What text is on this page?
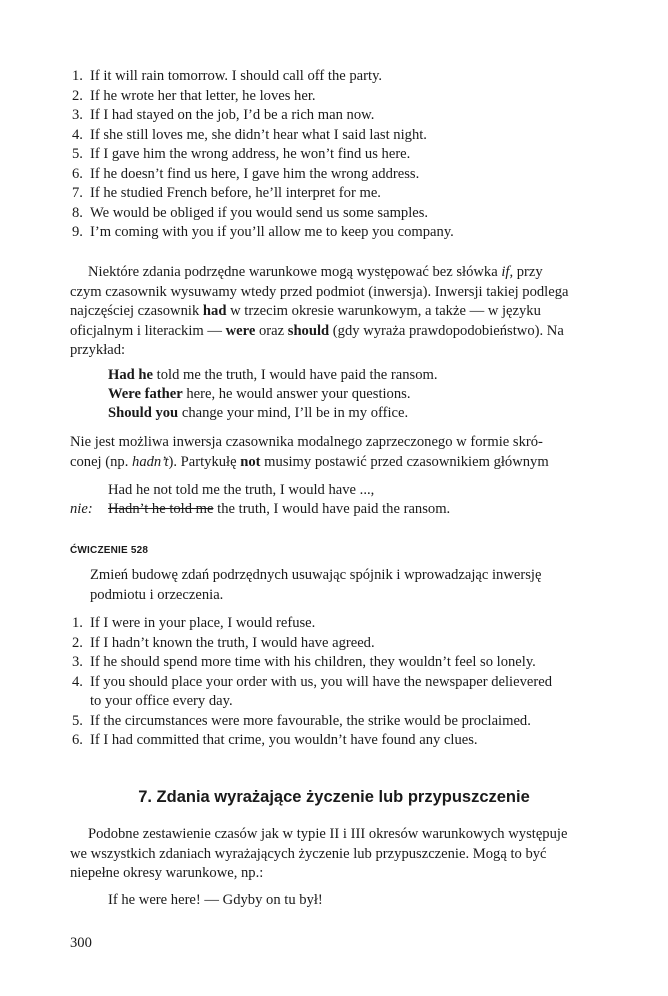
1. If it will rain tomorrow. I should call off the party.
2. If he wrote her that letter, he loves her.
3. If I had stayed on the job, I’d be a rich man now.
4. If she still loves me, she didn’t hear what I said last night.
5. If I gave him the wrong address, he won’t find us here.
6. If he doesn’t find us here, I gave him the wrong address.
7. If he studied French before, he’ll interpret for me.
8. We would be obliged if you would send us some samples.
9. I’m coming with you if you’ll allow me to keep you company.
Niektóre zdania podrzędne warunkowe mogą występować bez słówka if, przy
czym czasownik wysuwamy wtedy przed podmiot (inwersja). Inwersji takiej podlega
najczęściej czasownik had w trzecim okresie warunkowym, a także — w języku
oficjalnym i literackim — were oraz should (gdy wyraża prawdopodobieństwo). Na
przykład:
Had he told me the truth, I would have paid the ransom.
Were father here, he would answer your questions.
Should you change your mind, I’ll be in my office.
Nie jest możliwa inwersja czasownika modalnego zaprzeczonego w formie skró-
conej (np. hadn’t). Partykułę not musimy postawić przed czasownikiem głównym
Had he not told me the truth, I would have ...,
nie: Hadn’t he told me the truth, I would have paid the ransom.
ĆWICZENIE 528
Zmień budowę zdań podrzędnych usuwając spójnik i wprowadzając inwersję
podmiotu i orzeczenia.
1. If I were in your place, I would refuse.
2. If I hadn’t known the truth, I would have agreed.
3. If he should spend more time with his children, they wouldn’t feel so lonely.
4. If you should place your order with us, you will have the newspaper delievered
to your office every day.
5. If the circumstances were more favourable, the strike would be proclaimed.
6. If I had committed that crime, you wouldn’t have found any clues.
7. Zdania wyrażające życzenie lub przypuszczenie
Podobne zestawienie czasów jak w typie II i III okresów warunkowych występuje
we wszystkich zdaniach wyrażających życzenie lub przypuszczenie. Mogą to być
niepełne okresy warunkowe, np.:
If he were here! — Gdyby on tu był!
300
